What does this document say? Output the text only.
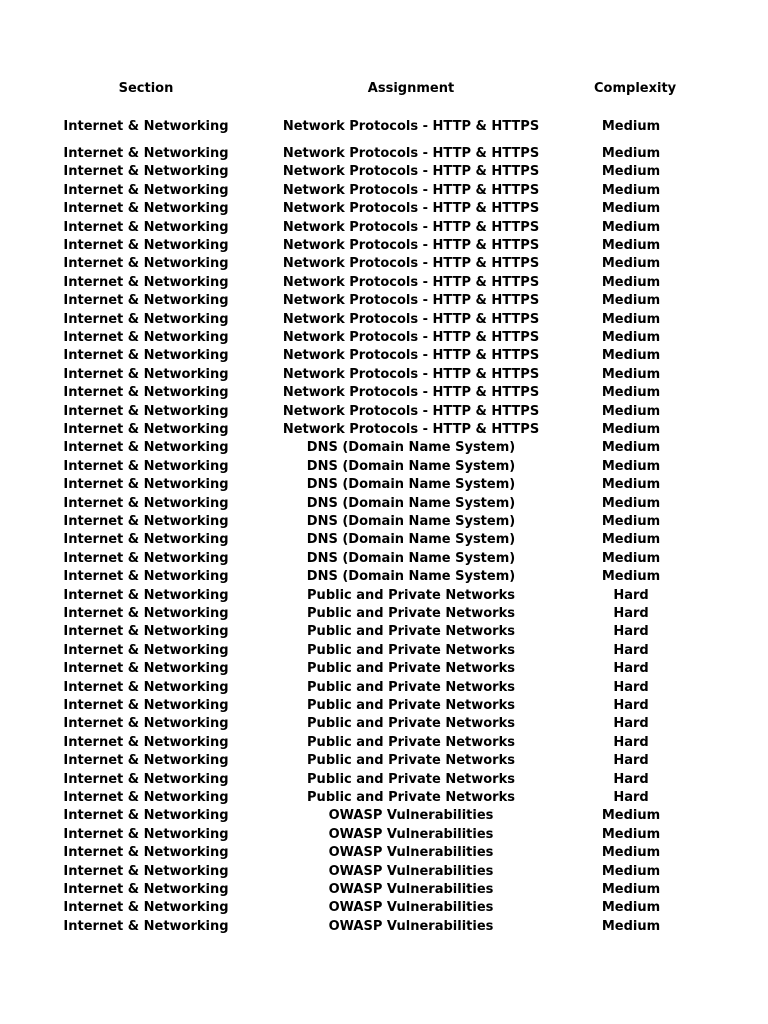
Section	Assignment	Complexity
Internet & Networking	Network Protocols - HTTP & HTTPS	Medium
Internet & Networking	Network Protocols - HTTP & HTTPS	Medium
Internet & Networking	Network Protocols - HTTP & HTTPS	Medium
Internet & Networking	Network Protocols - HTTP & HTTPS	Medium
Internet & Networking	Network Protocols - HTTP & HTTPS	Medium
Internet & Networking	Network Protocols - HTTP & HTTPS	Medium
Internet & Networking	Network Protocols - HTTP & HTTPS	Medium
Internet & Networking	Network Protocols - HTTP & HTTPS	Medium
Internet & Networking	Network Protocols - HTTP & HTTPS	Medium
Internet & Networking	Network Protocols - HTTP & HTTPS	Medium
Internet & Networking	Network Protocols - HTTP & HTTPS	Medium
Internet & Networking	Network Protocols - HTTP & HTTPS	Medium
Internet & Networking	Network Protocols - HTTP & HTTPS	Medium
Internet & Networking	Network Protocols - HTTP & HTTPS	Medium
Internet & Networking	Network Protocols - HTTP & HTTPS	Medium
Internet & Networking	Network Protocols - HTTP & HTTPS	Medium
Internet & Networking	Network Protocols - HTTP & HTTPS	Medium
Internet & Networking	DNS (Domain Name System)	Medium
Internet & Networking	DNS (Domain Name System)	Medium
Internet & Networking	DNS (Domain Name System)	Medium
Internet & Networking	DNS (Domain Name System)	Medium
Internet & Networking	DNS (Domain Name System)	Medium
Internet & Networking	DNS (Domain Name System)	Medium
Internet & Networking	DNS (Domain Name System)	Medium
Internet & Networking	DNS (Domain Name System)	Medium
Internet & Networking	Public and Private Networks	Hard
Internet & Networking	Public and Private Networks	Hard
Internet & Networking	Public and Private Networks	Hard
Internet & Networking	Public and Private Networks	Hard
Internet & Networking	Public and Private Networks	Hard
Internet & Networking	Public and Private Networks	Hard
Internet & Networking	Public and Private Networks	Hard
Internet & Networking	Public and Private Networks	Hard
Internet & Networking	Public and Private Networks	Hard
Internet & Networking	Public and Private Networks	Hard
Internet & Networking	Public and Private Networks	Hard
Internet & Networking	Public and Private Networks	Hard
Internet & Networking	OWASP Vulnerabilities	Medium
Internet & Networking	OWASP Vulnerabilities	Medium
Internet & Networking	OWASP Vulnerabilities	Medium
Internet & Networking	OWASP Vulnerabilities	Medium
Internet & Networking	OWASP Vulnerabilities	Medium
Internet & Networking	OWASP Vulnerabilities	Medium
Internet & Networking	OWASP Vulnerabilities	Medium
